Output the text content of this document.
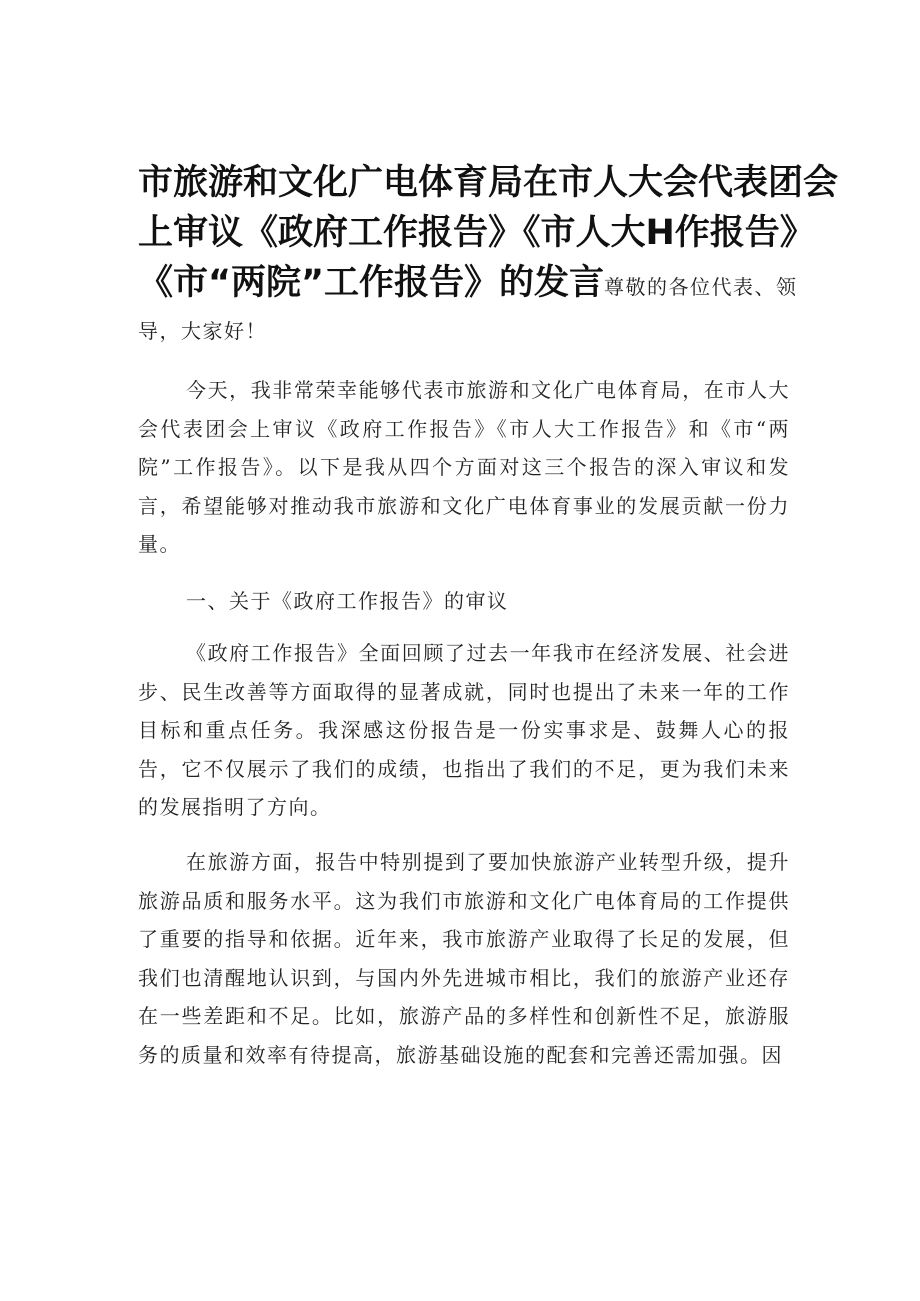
市旅游和文化广电体育局在市人大会代表团会
上审议《政府工作报告》《市人大H作报告》
《市“两院”工作报告》的发言尊敬的各位代表、领
导，大家好！

今天，我非常荣幸能够代表市旅游和文化广电体育局，在市人大会代表团会上审议《政府工作报告》《市人大工作报告》和《市“两院”工作报告》。以下是我从四个方面对这三个报告的深入审议和发言，希望能够对推动我市旅游和文化广电体育事业的发展贡献一份力量。

一、关于《政府工作报告》的审议

《政府工作报告》全面回顾了过去一年我市在经济发展、社会进步、民生改善等方面取得的显著成就，同时也提出了未来一年的工作目标和重点任务。我深感这份报告是一份实事求是、鼓舞人心的报告，它不仅展示了我们的成绩，也指出了我们的不足，更为我们未来的发展指明了方向。

在旅游方面，报告中特别提到了要加快旅游产业转型升级，提升旅游品质和服务水平。这为我们市旅游和文化广电体育局的工作提供了重要的指导和依据。近年来，我市旅游产业取得了长足的发展，但我们也清醒地认识到，与国内外先进城市相比，我们的旅游产业还存在一些差距和不足。比如，旅游产品的多样性和创新性不足，旅游服务的质量和效率有待提高，旅游基础设施的配套和完善还需加强。因
